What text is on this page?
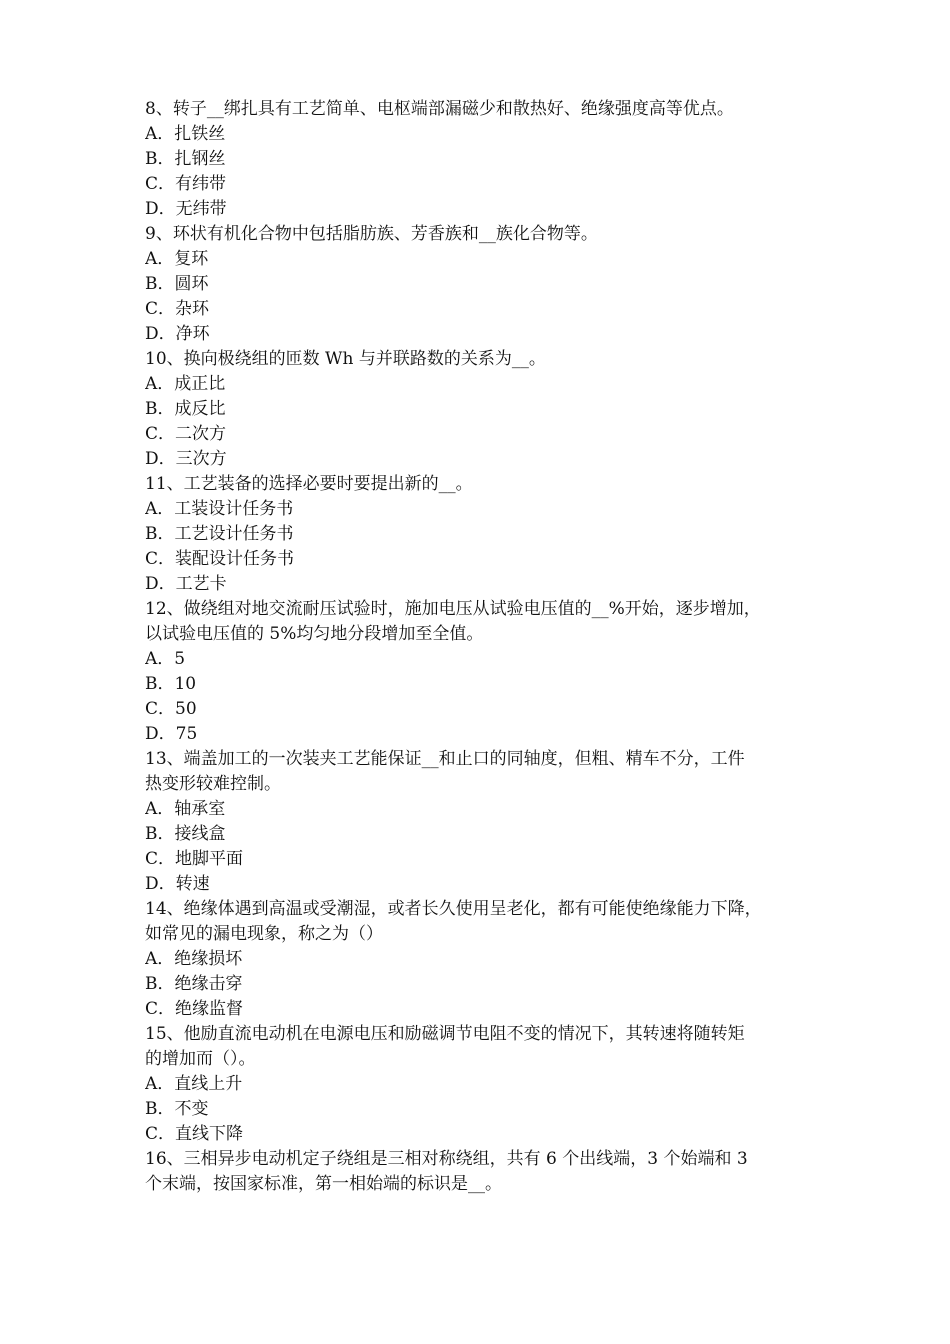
8、转子__绑扎具有工艺简单、电枢端部漏磁少和散热好、绝缘强度高等优点。
A．扎铁丝
B．扎钢丝
C．有纬带
D．无纬带
9、环状有机化合物中包括脂肪族、芳香族和__族化合物等。
A．复环
B．圆环
C．杂环
D．净环
10、换向极绕组的匝数 Wh 与并联路数的关系为__。
A．成正比
B．成反比
C．二次方
D．三次方
11、工艺装备的选择必要时要提出新的__。
A．工装设计任务书
B．工艺设计任务书
C．装配设计任务书
D．工艺卡
12、做绕组对地交流耐压试验时，施加电压从试验电压值的__%开始，逐步增加，
以试验电压值的 5%均匀地分段增加至全值。
A．5
B．10
C．50
D．75
13、端盖加工的一次装夹工艺能保证__和止口的同轴度，但粗、精车不分，工件
热变形较难控制。
A．轴承室
B．接线盒
C．地脚平面
D．转速
14、绝缘体遇到高温或受潮湿，或者长久使用呈老化，都有可能使绝缘能力下降，
如常见的漏电现象，称之为（）
A．绝缘损坏
B．绝缘击穿
C．绝缘监督
15、他励直流电动机在电源电压和励磁调节电阻不变的情况下，其转速将随转矩
的增加而（）。
A．直线上升
B．不变
C．直线下降
16、三相异步电动机定子绕组是三相对称绕组，共有 6 个出线端，3 个始端和 3
个末端，按国家标准，第一相始端的标识是__。
